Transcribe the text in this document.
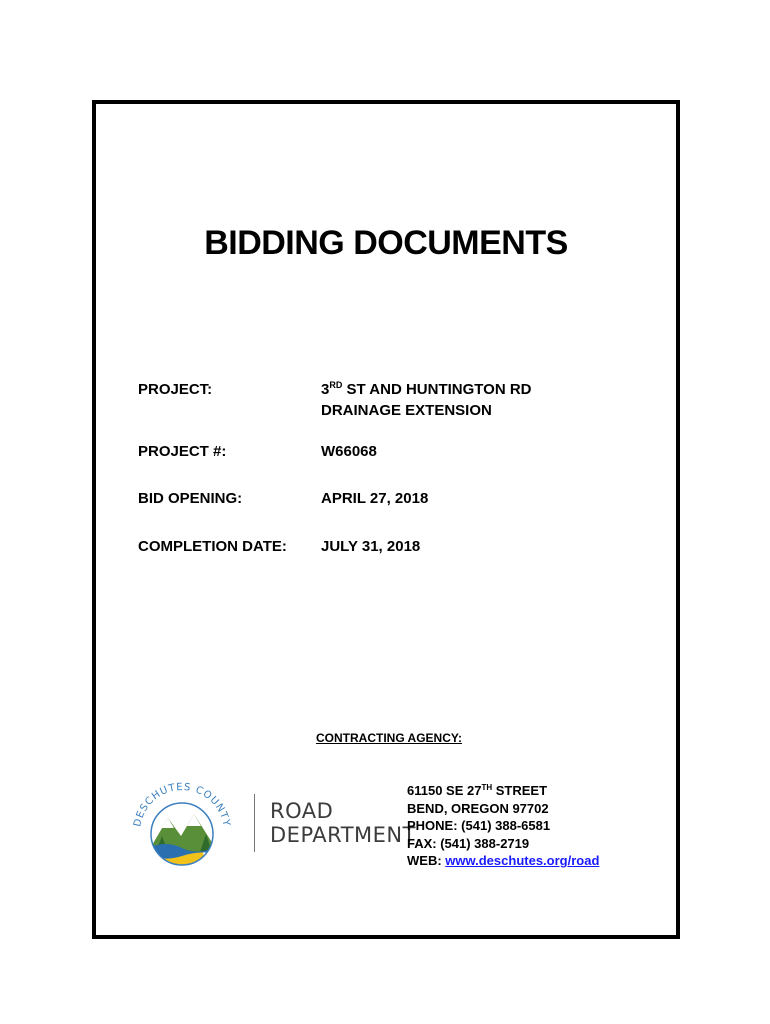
BIDDING DOCUMENTS
PROJECT:	3RD ST AND HUNTINGTON RD
DRAINAGE EXTENSION
PROJECT #:	W66068
BID OPENING:	APRIL 27, 2018
COMPLETION DATE: JULY 31, 2018
CONTRACTING AGENCY:
DESCHUTES COUNTY
ROAD
DEPARTMENT
61150 SE 27TH STREET
BEND, OREGON 97702
PHONE: (541) 388-6581
FAX: (541) 388-2719
WEB: www.deschutes.org/road
